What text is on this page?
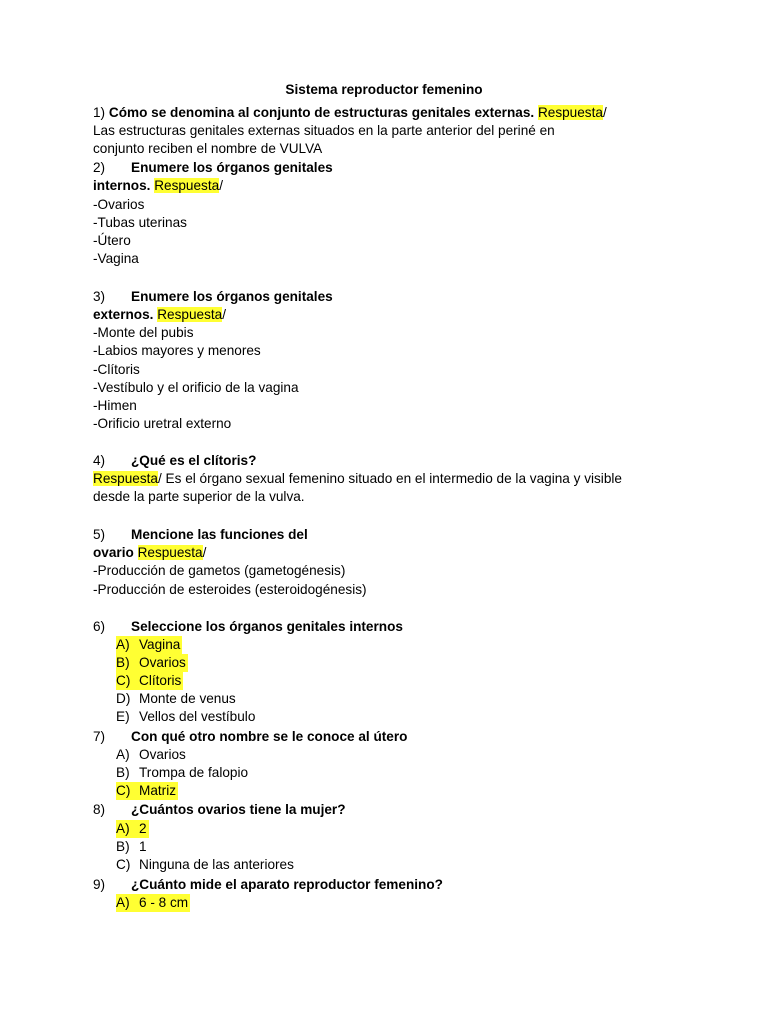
Sistema reproductor femenino
1) Cómo se denomina al conjunto de estructuras genitales externas. Respuesta/
Las estructuras genitales externas situados en la parte anterior del periné en
conjunto reciben el nombre de VULVA
2) Enumere los órganos genitales
internos. Respuesta/
-Ovarios
-Tubas uterinas
-Útero
-Vagina
3) Enumere los órganos genitales
externos. Respuesta/
-Monte del pubis
-Labios mayores y menores
-Clítoris
-Vestíbulo y el orificio de la vagina
-Himen
-Orificio uretral externo
4) ¿Qué es el clítoris?
Respuesta/ Es el órgano sexual femenino situado en el intermedio de la vagina y visible
desde la parte superior de la vulva.
5) Mencione las funciones del
ovario Respuesta/
-Producción de gametos (gametogénesis)
-Producción de esteroides (esteroidogénesis)
6) Seleccione los órganos genitales internos
A) Vagina
B) Ovarios
C) Clítoris
D) Monte de venus
E) Vellos del vestíbulo
7) Con qué otro nombre se le conoce al útero
A) Ovarios
B) Trompa de falopio
C) Matriz
8) ¿Cuántos ovarios tiene la mujer?
A) 2
B) 1
C) Ninguna de las anteriores
9) ¿Cuánto mide el aparato reproductor femenino?
A) 6 - 8 cm
